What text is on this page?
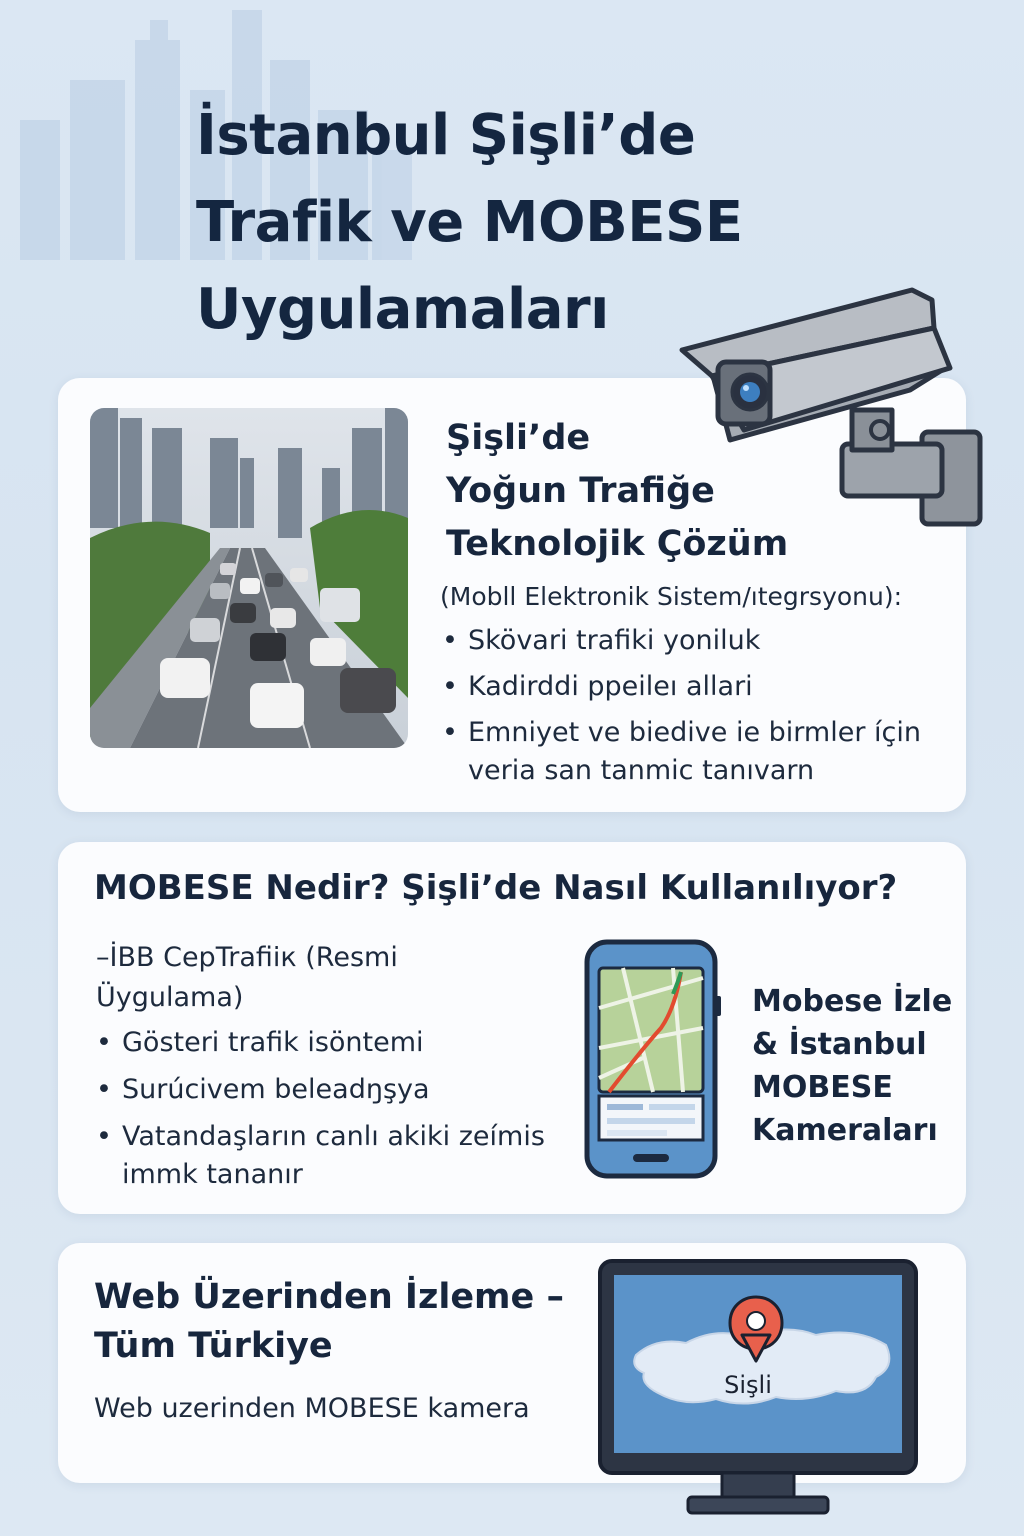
İstanbul Şişli’de
Trafik ve MOBESE
Uygulamaları
Şişli’de
Yoğun Trafiğe
Teknolojik Çözüm
(Mobll Elektronik Sistem/ıtegrsyonu):
• Skövari trafiki yoniluk
• Kadirddi ppeileı allari
• Emniyet ve biedive ie birmler íçin veria san tanmic tanıvarn
MOBESE Nedir? Şişli’de Nasıl Kullanılıyor?
–İBB CepTrafiік (Resmi Üygulama)
• Gösteri trafik isöntemi
• Surúcivem beleadŋşya
• Vatandaşların canlı akiki zeímis immk tananır
Mobese İzle
& İstanbul
MOBESE
Kameraları
Web Üzerinden İzleme –
Tüm Türkiye
Web uzerinden MOBESE kamera
Sişli
